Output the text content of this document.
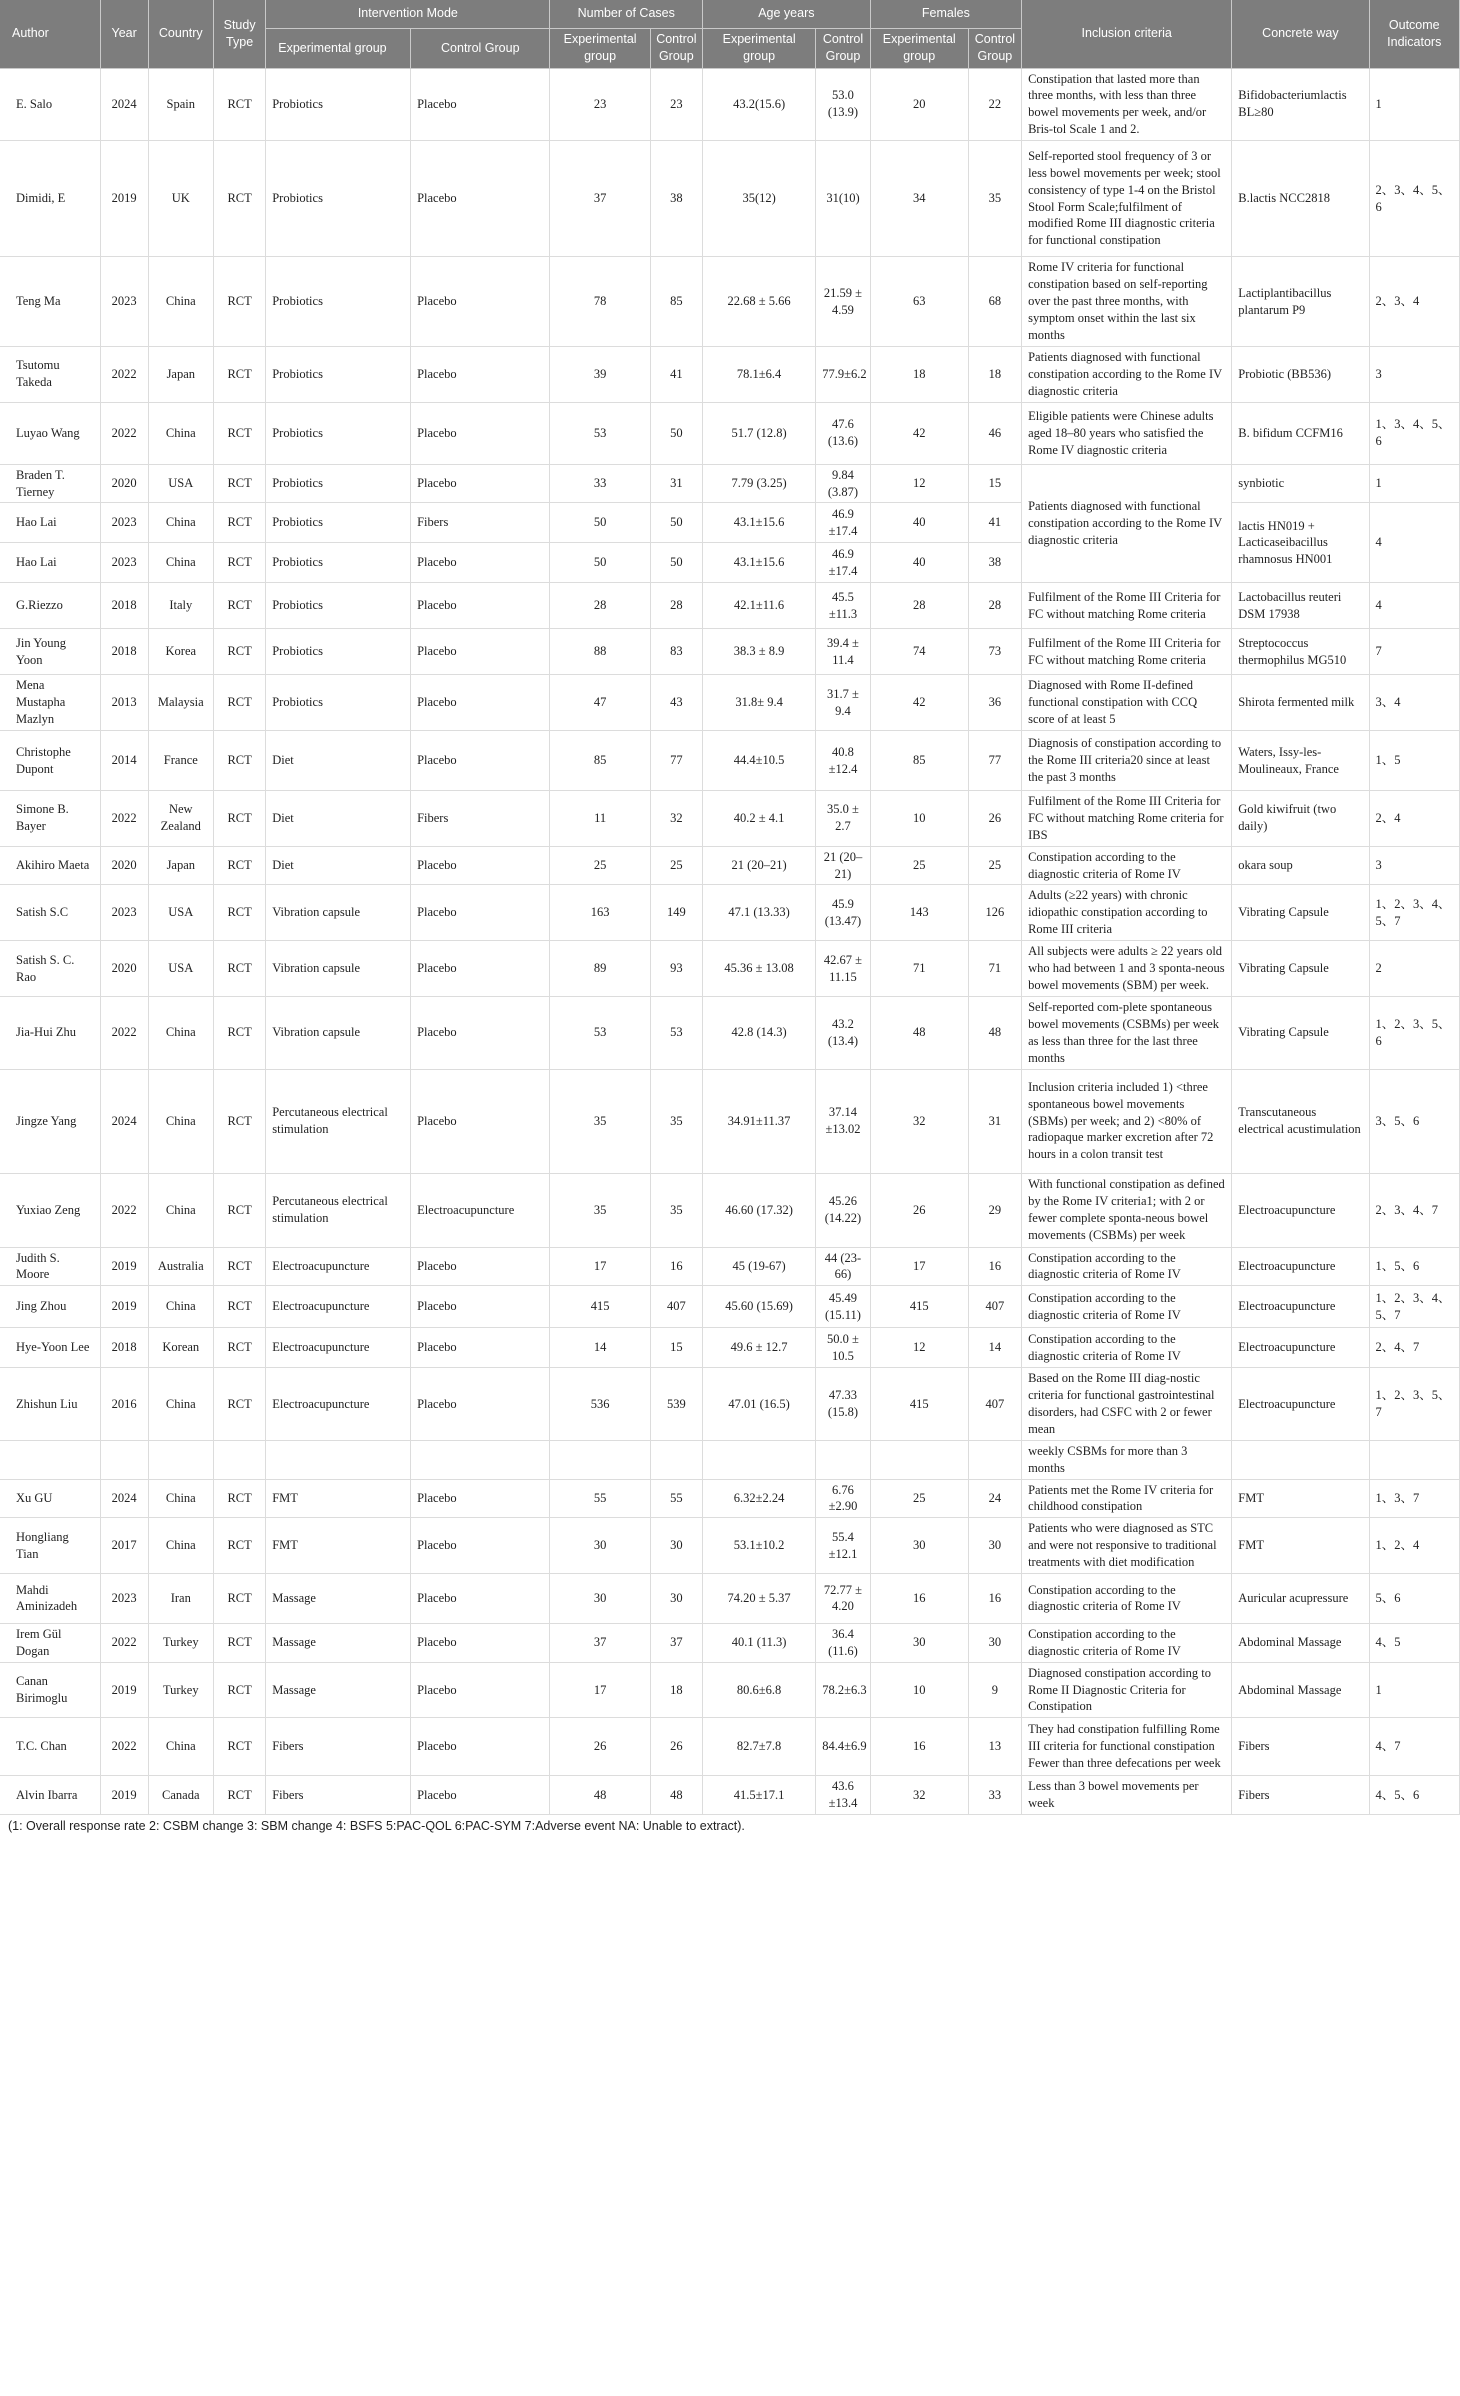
Author	Year	Country	Study Type	Intervention Mode		Number of Cases		Age years		Females		Inclusion criteria	Concrete way	Outcome Indicators
				Experimental group	Control Group	Experimental group	Control Group	Experimental group	Control Group	Experimental group	Control Group			
E. Salo	2024	Spain	RCT	Probiotics	Placebo	23	23	43.2(15.6)	53.0 (13.9)	20	22	Constipation that lasted more than three months, with less than three bowel movements per week, and/or Bris-tol Scale 1 and 2.	Bifidobacteriumlactis BL≥80	1
Dimidi, E	2019	UK	RCT	Probiotics	Placebo	37	38	35(12)	31(10)	34	35	Self-reported stool frequency of 3 or less bowel movements per week; stool consistency of type 1-4 on the Bristol Stool Form Scale;fulfilment of modified Rome III diagnostic criteria for functional constipation	B.lactis NCC2818	2、3、4、5、6
Teng Ma	2023	China	RCT	Probiotics	Placebo	78	85	22.68 ± 5.66	21.59 ± 4.59	63	68	Rome IV criteria for functional constipation based on self-reporting over the past three months, with symptom onset within the last six months	Lactiplantibacillus plantarum P9	2、3、4
Tsutomu Takeda	2022	Japan	RCT	Probiotics	Placebo	39	41	78.1±6.4	77.9±6.2	18	18	Patients diagnosed with functional constipation according to the Rome IV diagnostic criteria	Probiotic (BB536)	3
Luyao Wang	2022	China	RCT	Probiotics	Placebo	53	50	51.7 (12.8)	47.6 (13.6)	42	46	Eligible patients were Chinese adults aged 18–80 years who satisfied the Rome IV diagnostic criteria	B. bifidum CCFM16	1、3、4、5、6
Braden T. Tierney	2020	USA	RCT	Probiotics	Placebo	33	31	7.79 (3.25)	9.84 (3.87)	12	15	Patients diagnosed with functional constipation according to the Rome IV diagnostic criteria	synbiotic	1
Hao Lai	2023	China	RCT	Probiotics	Fibers	50	50	43.1±15.6	46.9 ±17.4	40	41		lactis HN019 + Lacticaseibacillus rhamnosus HN001	4
Hao Lai	2023	China	RCT	Probiotics	Placebo	50	50	43.1±15.6	46.9 ±17.4	40	38			
G.Riezzo	2018	Italy	RCT	Probiotics	Placebo	28	28	42.1±11.6	45.5 ±11.3	28	28	Fulfilment of the Rome III Criteria for FC without matching Rome criteria	Lactobacillus reuteri DSM 17938	4
Jin Young Yoon	2018	Korea	RCT	Probiotics	Placebo	88	83	38.3 ± 8.9	39.4 ± 11.4	74	73	Fulfilment of the Rome III Criteria for FC without matching Rome criteria	Streptococcus thermophilus MG510	7
Mena Mustapha Mazlyn	2013	Malaysia	RCT	Probiotics	Placebo	47	43	31.8± 9.4	31.7 ± 9.4	42	36	Diagnosed with Rome II-defined functional constipation with CCQ score of at least 5	Shirota fermented milk	3、4
Christophe Dupont	2014	France	RCT	Diet	Placebo	85	77	44.4±10.5	40.8 ±12.4	85	77	Diagnosis of constipation according to the Rome III criteria20 since at least the past 3 months	Waters, Issy-les-Moulineaux, France	1、5
Simone B. Bayer	2022	New Zealand	RCT	Diet	Fibers	11	32	40.2 ± 4.1	35.0 ± 2.7	10	26	Fulfilment of the Rome III Criteria for FC without matching Rome criteria for IBS	Gold kiwifruit (two daily)	2、4
Akihiro Maeta	2020	Japan	RCT	Diet	Placebo	25	25	21 (20–21)	21 (20–21)	25	25	Constipation according to the diagnostic criteria of Rome IV	okara soup	3
Satish S.C	2023	USA	RCT	Vibration capsule	Placebo	163	149	47.1 (13.33)	45.9 (13.47)	143	126	Adults (≥22 years) with chronic idiopathic constipation according to Rome III criteria	Vibrating Capsule	1、2、3、4、5、7
Satish S. C. Rao	2020	USA	RCT	Vibration capsule	Placebo	89	93	45.36 ± 13.08	42.67 ± 11.15	71	71	All subjects were adults ≥ 22 years old who had between 1 and 3 sponta-neous bowel movements (SBM) per week.	Vibrating Capsule	2
Jia-Hui Zhu	2022	China	RCT	Vibration capsule	Placebo	53	53	42.8 (14.3)	43.2 (13.4)	48	48	Self-reported com-plete spontaneous bowel movements (CSBMs) per week as less than three for the last three months	Vibrating Capsule	1、2、3、5、6
Jingze Yang	2024	China	RCT	Percutaneous electrical stimulation	Placebo	35	35	34.91±11.37	37.14 ±13.02	32	31	Inclusion criteria included 1) <three spontaneous bowel movements (SBMs) per week; and 2) <80% of radiopaque marker excretion after 72 hours in a colon transit test	Transcutaneous electrical acustimulation	3、5、6
Yuxiao Zeng	2022	China	RCT	Percutaneous electrical stimulation	Electroacupuncture	35	35	46.60 (17.32)	45.26 (14.22)	26	29	With functional constipation as defined by the Rome IV criteria1; with 2 or fewer complete sponta-neous bowel movements (CSBMs) per week	Electroacupuncture	2、3、4、7
Judith S. Moore	2019	Australia	RCT	Electroacupuncture	Placebo	17	16	45 (19-67)	44 (23-66)	17	16	Constipation according to the diagnostic criteria of Rome IV	Electroacupuncture	1、5、6
Jing Zhou	2019	China	RCT	Electroacupuncture	Placebo	415	407	45.60 (15.69)	45.49 (15.11)	415	407	Constipation according to the diagnostic criteria of Rome IV	Electroacupuncture	1、2、3、4、5、7
Hye-Yoon Lee	2018	Korean	RCT	Electroacupuncture	Placebo	14	15	49.6 ± 12.7	50.0 ± 10.5	12	14	Constipation according to the diagnostic criteria of Rome IV	Electroacupuncture	2、4、7
Zhishun Liu	2016	China	RCT	Electroacupuncture	Placebo	536	539	47.01 (16.5)	47.33 (15.8)	415	407	Based on the Rome III diag-nostic criteria for functional gastrointestinal disorders, had CSFC with 2 or fewer mean	Electroacupuncture	1、2、3、5、7
												weekly CSBMs for more than 3 months		
Xu GU	2024	China	RCT	FMT	Placebo	55	55	6.32±2.24	6.76 ±2.90	25	24	Patients met the Rome IV criteria for childhood constipation	FMT	1、3、7
Hongliang Tian	2017	China	RCT	FMT	Placebo	30	30	53.1±10.2	55.4 ±12.1	30	30	Patients who were diagnosed as STC and were not responsive to traditional treatments with diet modification	FMT	1、2、4
Mahdi Aminizadeh	2023	Iran	RCT	Massage	Placebo	30	30	74.20 ± 5.37	72.77 ± 4.20	16	16	Constipation according to the diagnostic criteria of Rome IV	Auricular acupressure	5、6
Irem Gül Dogan	2022	Turkey	RCT	Massage	Placebo	37	37	40.1 (11.3)	36.4 (11.6)	30	30	Constipation according to the diagnostic criteria of Rome IV	Abdominal Massage	4、5
Canan Birimoglu	2019	Turkey	RCT	Massage	Placebo	17	18	80.6±6.8	78.2±6.3	10	9	Diagnosed constipation according to Rome II Diagnostic Criteria for Constipation	Abdominal Massage	1
T.C. Chan	2022	China	RCT	Fibers	Placebo	26	26	82.7±7.8	84.4±6.9	16	13	They had constipation fulfilling Rome III criteria for functional constipation Fewer than three defecations per week	Fibers	4、7
Alvin Ibarra	2019	Canada	RCT	Fibers	Placebo	48	48	41.5±17.1	43.6 ±13.4	32	33	Less than 3 bowel movements per week	Fibers	4、5、6
(1: Overall response rate 2: CSBM change 3: SBM change 4: BSFS 5:PAC-QOL 6:PAC-SYM 7:Adverse event NA: Unable to extract).
